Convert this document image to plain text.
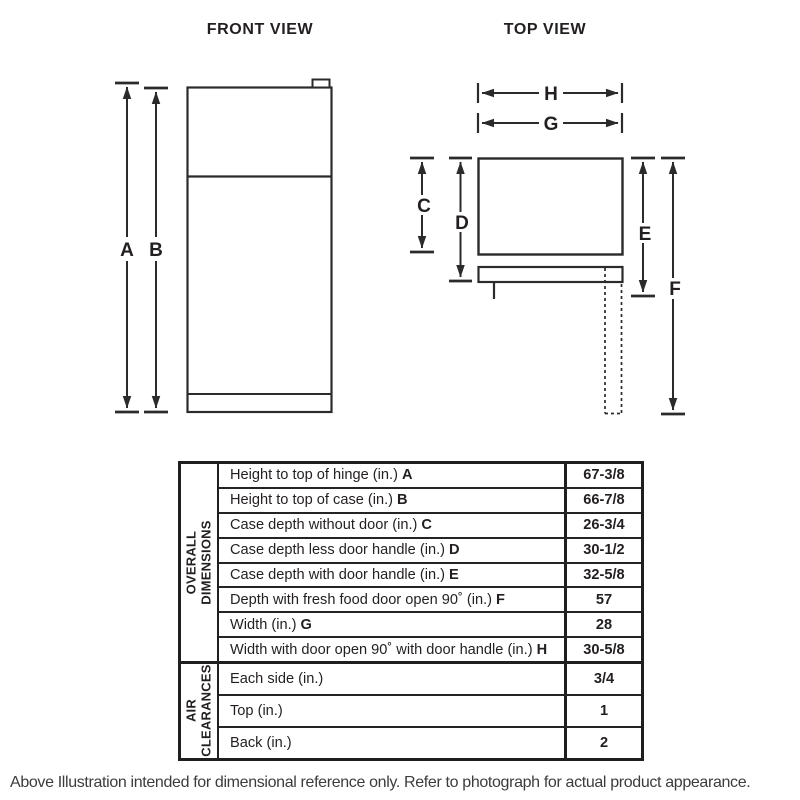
FRONT VIEW	TOP VIEW
A B
C
D
E
F
G
H
OVERALL DIMENSIONS
Height to top of hinge (in.) A	67-3/8
Height to top of case (in.) B	66-7/8
Case depth without door (in.) C	26-3/4
Case depth less door handle (in.) D	30-1/2
Case depth with door handle (in.) E	32-5/8
Depth with fresh food door open 90˚ (in.) F	57
Width (in.) G	28
Width with door open 90˚ with door handle (in.) H	30-5/8
AIR CLEARANCES Each side (in.)	3/4
Top (in.)	1
Back (in.)	2
Above Illustration intended for dimensional reference only. Refer to photograph for actual product appearance.
